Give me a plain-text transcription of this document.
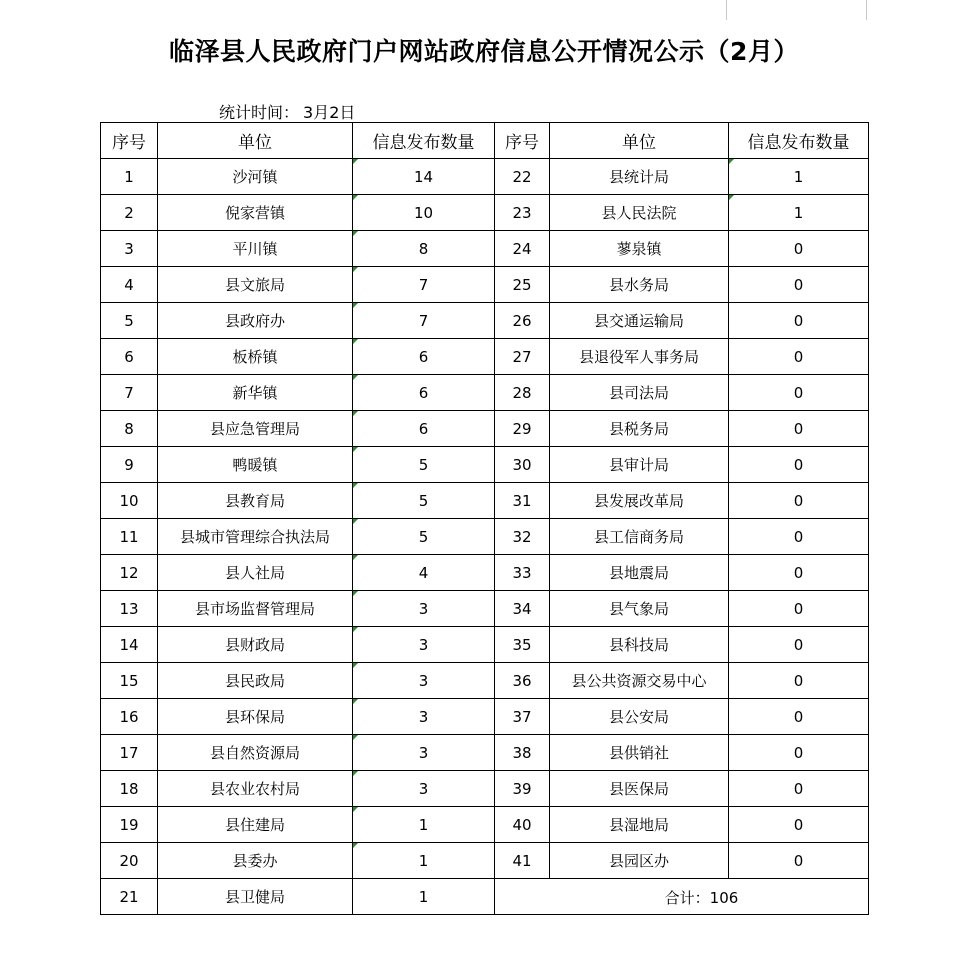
临泽县人民政府门户网站政府信息公开情况公示（2月）
统计时间： 3月2日
序号	单位	信息发布数量	序号	单位	信息发布数量
1	沙河镇	14	22	县统计局	1
2	倪家营镇	10	23	县人民法院	1
3	平川镇	8	24	蓼泉镇	0
4	县文旅局	7	25	县水务局	0
5	县政府办	7	26	县交通运输局	0
6	板桥镇	6	27	县退役军人事务局	0
7	新华镇	6	28	县司法局	0
8	县应急管理局	6	29	县税务局	0
9	鸭暖镇	5	30	县审计局	0
10	县教育局	5	31	县发展改革局	0
11	县城市管理综合执法局	5	32	县工信商务局	0
12	县人社局	4	33	县地震局	0
13	县市场监督管理局	3	34	县气象局	0
14	县财政局	3	35	县科技局	0
15	县民政局	3	36	县公共资源交易中心	0
16	县环保局	3	37	县公安局	0
17	县自然资源局	3	38	县供销社	0
18	县农业农村局	3	39	县医保局	0
19	县住建局	1	40	县湿地局	0
20	县委办	1	41	县园区办	0
21	县卫健局	1	合计：106		
